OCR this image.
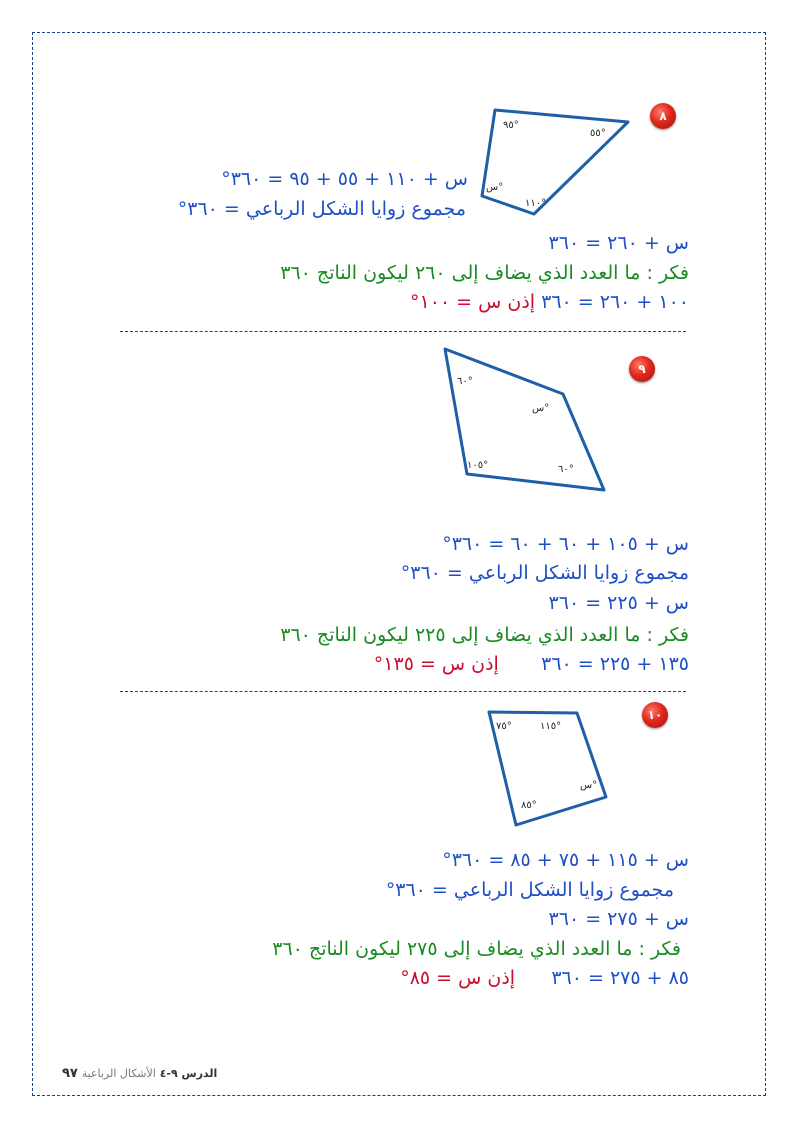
٨
٩٥°
٥٥°
١١٠°
س°
س + ١١٠ + ٥٥ + ٩٥ = ٣٦٠°
مجموع زوايا الشكل الرباعي = ٣٦٠°
س + ٢٦٠ = ٣٦٠
فكر : ما العدد الذي يضاف إلى ٢٦٠ ليكون الناتج ٣٦٠
١٠٠ + ٢٦٠ = ٣٦٠ إذن س = ١٠٠°
٩
٦٠°
س°
١٠٥°	٦٠°
س + ١٠٥ + ٦٠ + ٦٠ = ٣٦٠°
مجموع زوايا الشكل الرباعي = ٣٦٠°
س + ٢٢٥ = ٣٦٠
فكر : ما العدد الذي يضاف إلى ٢٢٥ ليكون الناتج ٣٦٠
١٣٥ + ٢٢٥ = ٣٦٠       إذن س = ١٣٥°
١٠
٧٥°	١١٥°
س°
٨٥°
س + ١١٥ + ٧٥ + ٨٥ = ٣٦٠°
مجموع زوايا الشكل الرباعي = ٣٦٠°
س + ٢٧٥ = ٣٦٠
فكر : ما العدد الذي يضاف إلى ٢٧٥ ليكون الناتج ٣٦٠
٨٥ + ٢٧٥ = ٣٦٠      إذن س = ٨٥°
الدرس ٩-٤ الأشكال الرباعية ٩٧
